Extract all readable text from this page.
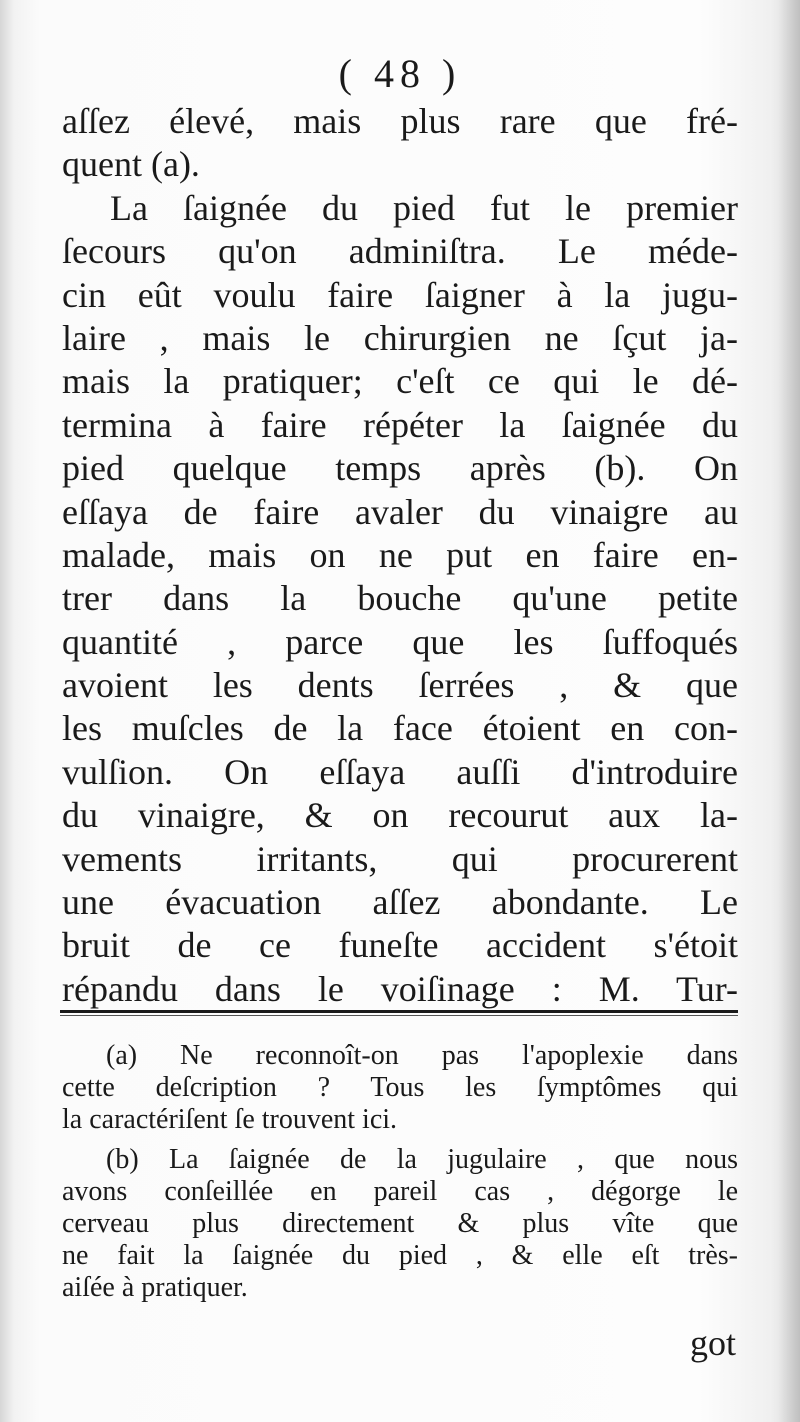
( 48 )
aſſez élevé, mais plus rare que fré-
quent (a).
La ſaignée du pied fut le premier
ſecours qu'on adminiſtra. Le méde-
cin eût voulu faire ſaigner à la jugu-
laire , mais le chirurgien ne ſçut ja-
mais la pratiquer; c'eſt ce qui le dé-
termina à faire répéter la ſaignée du
pied quelque temps après (b). On
eſſaya de faire avaler du vinaigre au
malade, mais on ne put en faire en-
trer dans la bouche qu'une petite
quantité , parce que les ſuffoqués
avoient les dents ſerrées , & que
les muſcles de la face étoient en con-
vulſion. On eſſaya auſſi d'introduire
du vinaigre, & on recourut aux la-
vements irritants, qui procurerent
une évacuation aſſez abondante. Le
bruit de ce funeſte accident s'étoit
répandu dans le voiſinage : M. Tur-
(a) Ne reconnoît-on pas l'apoplexie dans
cette deſcription ? Tous les ſymptômes qui
la caractériſent ſe trouvent ici.
(b) La ſaignée de la jugulaire , que nous
avons conſeillée en pareil cas , dégorge le
cerveau plus directement & plus vîte que
ne fait la ſaignée du pied , & elle eſt très-
aiſée à pratiquer.
got
